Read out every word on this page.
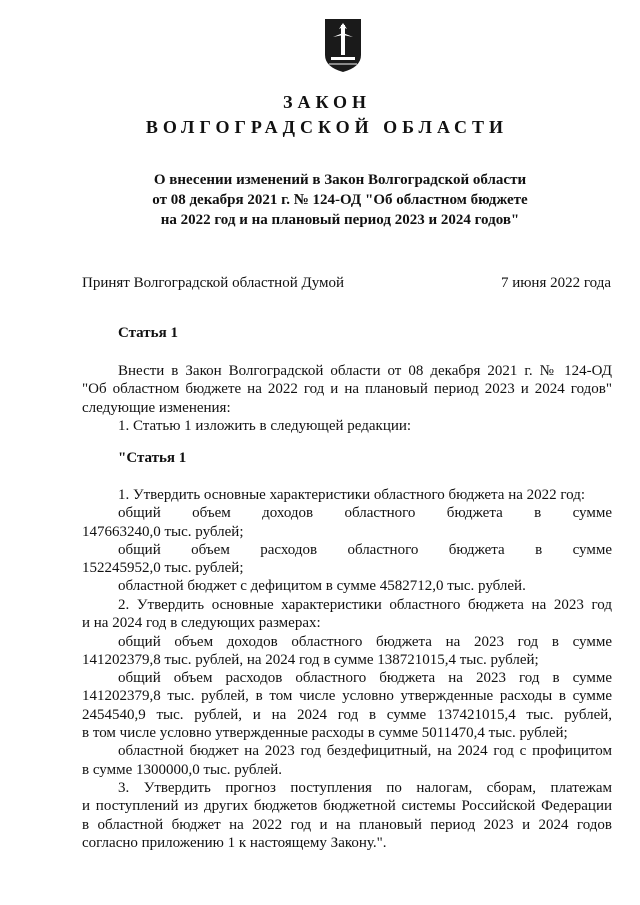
ЗАКОН
ВОЛГОГРАДСКОЙ ОБЛАСТИ
О внесении изменений в Закон Волгоградской области
от 08 декабря 2021 г. № 124-ОД "Об областном бюджете
на 2022 год и на плановый период 2023 и 2024 годов"
Принят Волгоградской областной Думой	7 июня 2022 года
Статья 1
Внести в Закон Волгоградской области от 08 декабря 2021 г. № 124-ОД
"Об областном бюджете на 2022 год и на плановый период 2023 и 2024 годов"
следующие изменения:
1. Статью 1 изложить в следующей редакции:
"Статья 1
1. Утвердить основные характеристики областного бюджета на 2022 год:
общий объем доходов областного бюджета в сумме
147663240,0 тыс. рублей;
общий объем расходов областного бюджета в сумме
152245952,0 тыс. рублей;
областной бюджет с дефицитом в сумме 4582712,0 тыс. рублей.
2. Утвердить основные характеристики областного бюджета на 2023 год
и на 2024 год в следующих размерах:
общий объем доходов областного бюджета на 2023 год в сумме
141202379,8 тыс. рублей, на 2024 год в сумме 138721015,4 тыс. рублей;
общий объем расходов областного бюджета на 2023 год в сумме
141202379,8 тыс. рублей, в том числе условно утвержденные расходы в сумме
2454540,9 тыс. рублей, и на 2024 год в сумме 137421015,4 тыс. рублей,
в том числе условно утвержденные расходы в сумме 5011470,4 тыс. рублей;
областной бюджет на 2023 год бездефицитный, на 2024 год с профицитом
в сумме 1300000,0 тыс. рублей.
3. Утвердить прогноз поступления по налогам, сборам, платежам
и поступлений из других бюджетов бюджетной системы Российской Федерации
в областной бюджет на 2022 год и на плановый период 2023 и 2024 годов
согласно приложению 1 к настоящему Закону.".
